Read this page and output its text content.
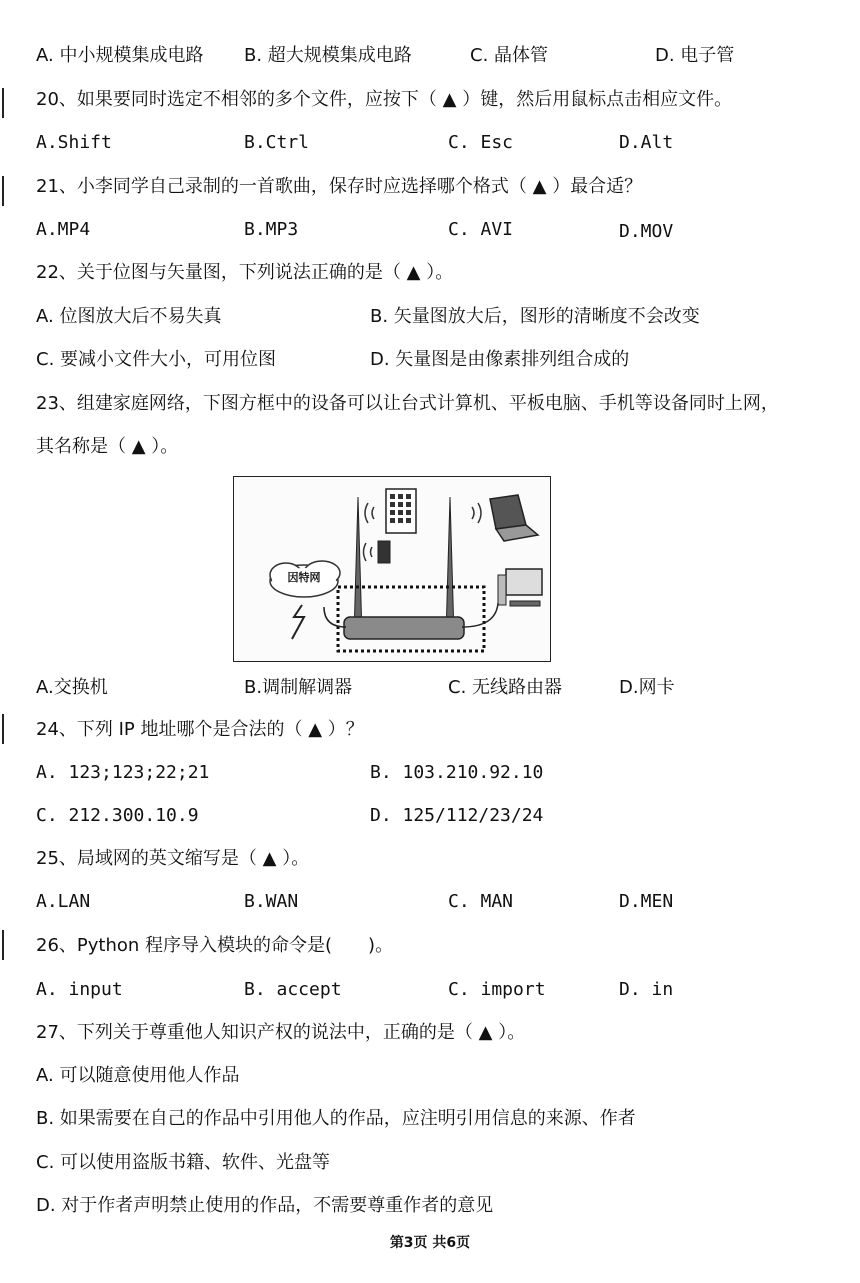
A. 中小规模集成电路 B. 超大规模集成电路	C. 晶体管	D. 电子管
20、如果要同时选定不相邻的多个文件，应按下（ ▲ ）键，然后用鼠标点击相应文件。
A.Shift	B.Ctrl	C. Esc	D.Alt
21、小李同学自己录制的一首歌曲，保存时应选择哪个格式（ ▲ ）最合适？
A.MP4	B.MP3	C. AVI	D.MOV
22、关于位图与矢量图，下列说法正确的是（ ▲ ）。
A. 位图放大后不易失真	B. 矢量图放大后，图形的清晰度不会改变
C. 要减小文件大小，可用位图	D. 矢量图是由像素排列组合成的
23、组建家庭网络，下图方框中的设备可以让台式计算机、平板电脑、手机等设备同时上网，
其名称是（ ▲ ）。
因特网
A.交换机	B.调制解调器	C. 无线路由器	D.网卡
24、下列 IP 地址哪个是合法的（ ▲ ）？
A. 123;123;22;21	B. 103.210.92.10
C. 212.300.10.9	D. 125/112/23/24
25、局域网的英文缩写是（ ▲ ）。
A.LAN	B.WAN	C. MAN	D.MEN
26、Python 程序导入模块的命令是(　　)。
A. input	B. accept	C. import	D. in
27、下列关于尊重他人知识产权的说法中，正确的是（ ▲ ）。
A. 可以随意使用他人作品
B. 如果需要在自己的作品中引用他人的作品，应注明引用信息的来源、作者
C. 可以使用盗版书籍、软件、光盘等
D. 对于作者声明禁止使用的作品，不需要尊重作者的意见
第3页 共6页
